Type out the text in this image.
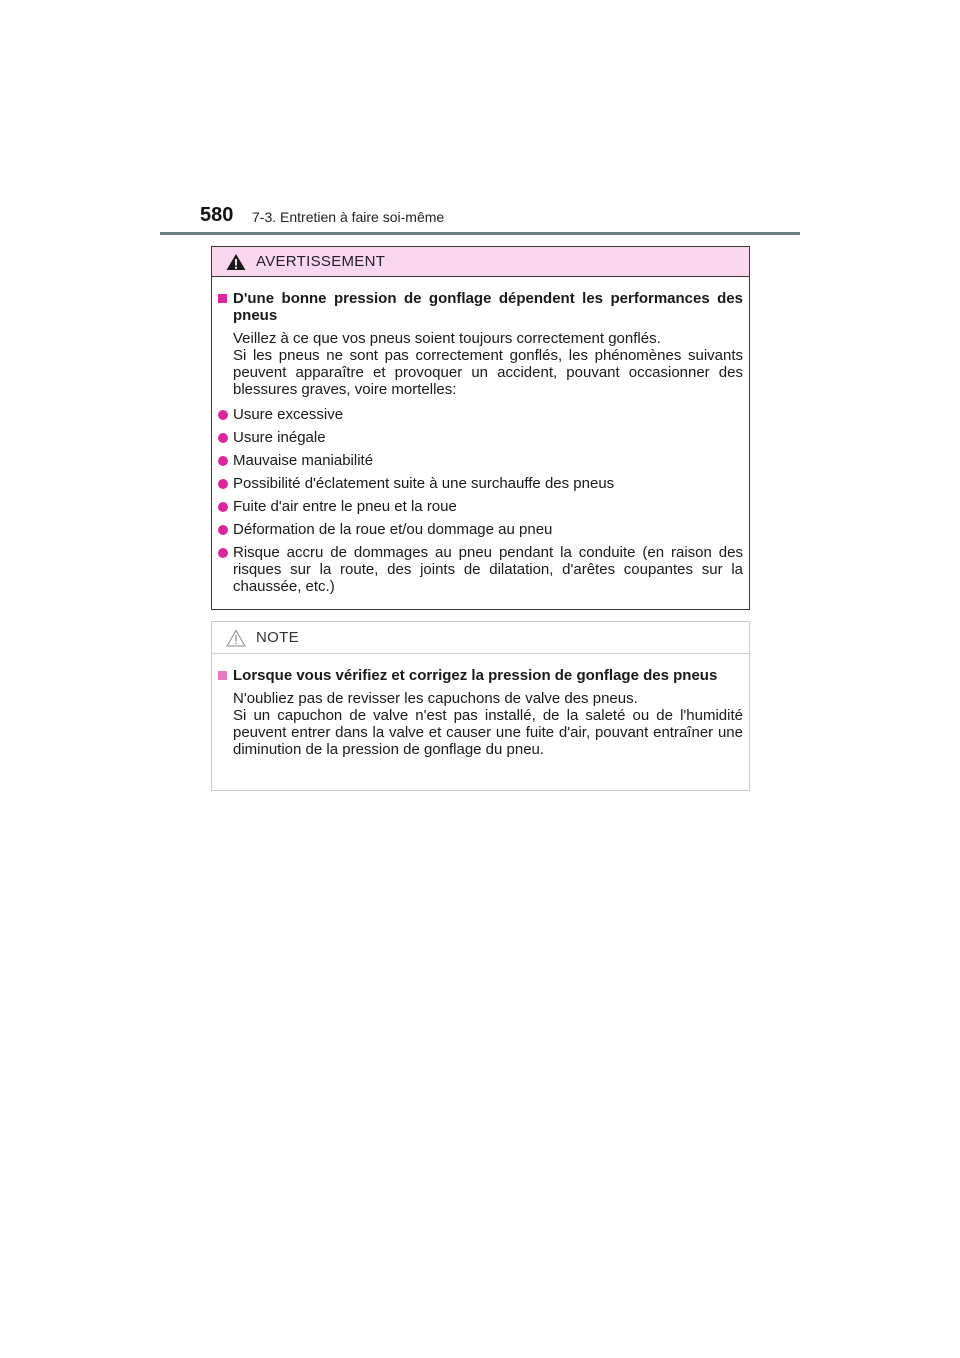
580 7-3. Entretien à faire soi-même
AVERTISSEMENT
D'une bonne pression de gonflage dépendent les performances des pneus
Veillez à ce que vos pneus soient toujours correctement gonflés.
Si les pneus ne sont pas correctement gonflés, les phénomènes suivants peuvent apparaître et provoquer un accident, pouvant occasionner des blessures graves, voire mortelles:
Usure excessive
Usure inégale
Mauvaise maniabilité
Possibilité d'éclatement suite à une surchauffe des pneus
Fuite d'air entre le pneu et la roue
Déformation de la roue et/ou dommage au pneu
Risque accru de dommages au pneu pendant la conduite (en raison des risques sur la route, des joints de dilatation, d'arêtes coupantes sur la chaussée, etc.)
NOTE
Lorsque vous vérifiez et corrigez la pression de gonflage des pneus
N'oubliez pas de revisser les capuchons de valve des pneus.
Si un capuchon de valve n'est pas installé, de la saleté ou de l'humidité peuvent entrer dans la valve et causer une fuite d'air, pouvant entraîner une diminution de la pression de gonflage du pneu.
